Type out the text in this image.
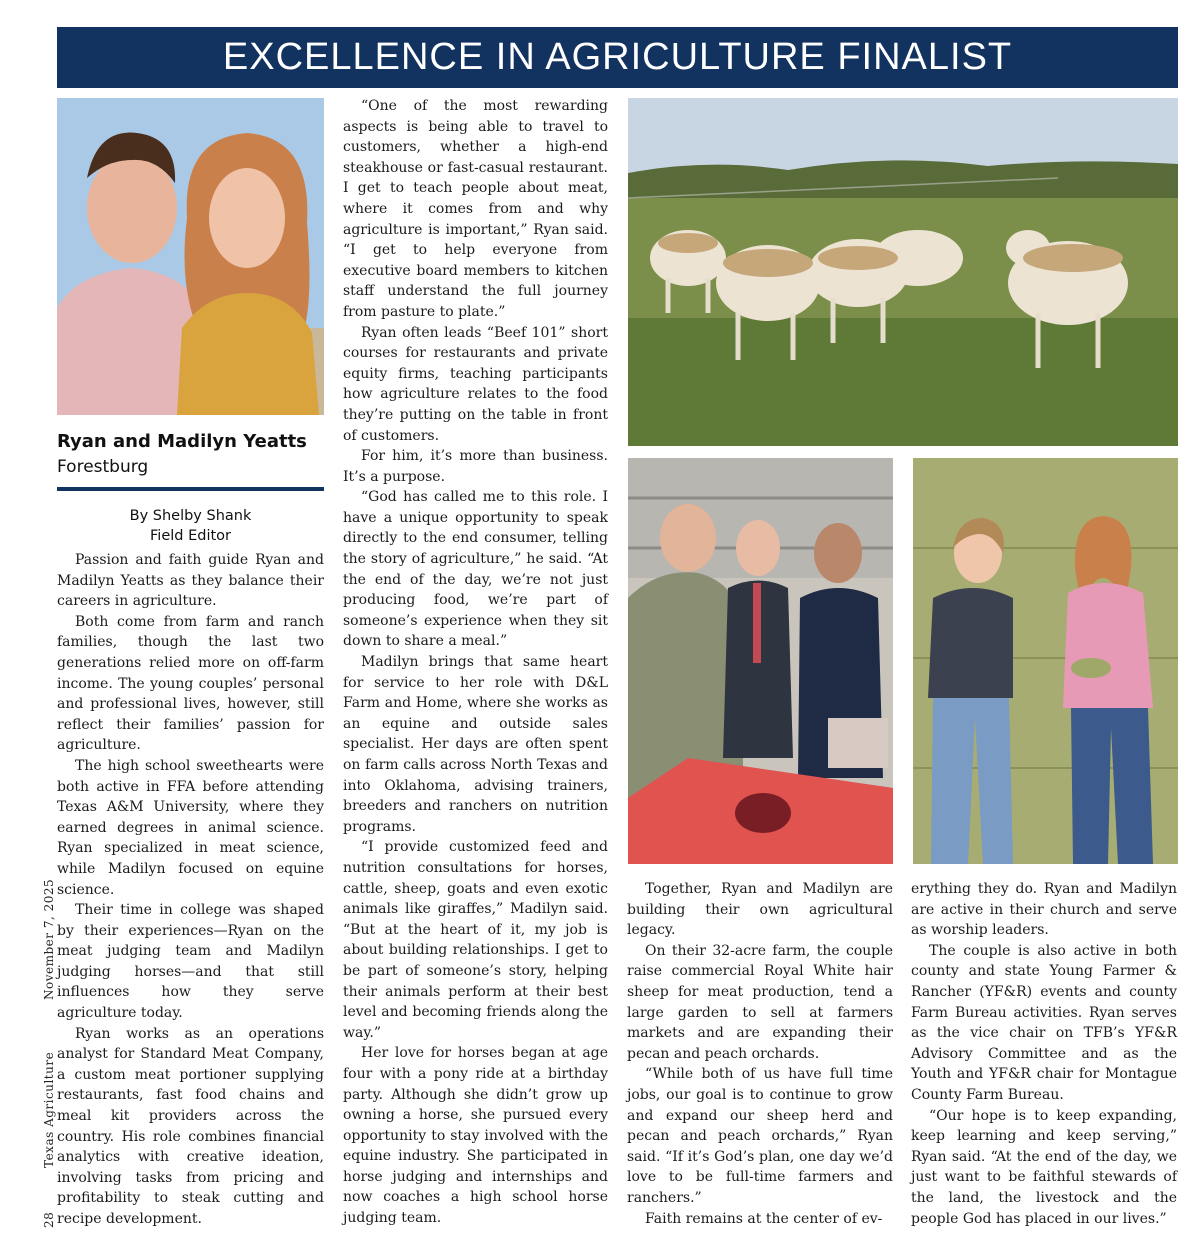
EXCELLENCE IN AGRICULTURE FINALIST
Ryan and Madilyn Yeatts
Forestburg
By Shelby Shank
Field Editor

Passion and faith guide Ryan and Madilyn Yeatts as they balance their careers in agriculture.

Both come from farm and ranch families, though the last two generations relied more on off-farm income. The young couples’ personal and professional lives, however, still reflect their families’ passion for agriculture.

The high school sweethearts were both active in FFA before attending Texas A&M University, where they earned degrees in animal science. Ryan specialized in meat science, while Madilyn focused on equine science.

Their time in college was shaped by their experiences—Ryan on the meat judging team and Madilyn judging horses—and that still influences how they serve agriculture today.

Ryan works as an operations analyst for Standard Meat Company, a custom meat portioner supplying restaurants, fast food chains and meal kit providers across the country. His role combines financial analytics with creative ideation, involving tasks from pricing and profitability to steak cutting and recipe development.

“One of the most rewarding aspects is being able to travel to customers, whether a high-end steakhouse or fast-casual restaurant. I get to teach people about meat, where it comes from and why agriculture is important,” Ryan said. “I get to help everyone from executive board members to kitchen staff understand the full journey from pasture to plate.”

Ryan often leads “Beef 101” short courses for restaurants and private equity firms, teaching participants how agriculture relates to the food they’re putting on the table in front of customers.

For him, it’s more than business. It’s a purpose.

“God has called me to this role. I have a unique opportunity to speak directly to the end consumer, telling the story of agriculture,” he said. “At the end of the day, we’re not just producing food, we’re part of someone’s experience when they sit down to share a meal.”

Madilyn brings that same heart for service to her role with D&L Farm and Home, where she works as an equine and outside sales specialist. Her days are often spent on farm calls across North Texas and into Oklahoma, advising trainers, breeders and ranchers on nutrition programs.

“I provide customized feed and nutrition consultations for horses, cattle, sheep, goats and even exotic animals like giraffes,” Madilyn said. “But at the heart of it, my job is about building relationships. I get to be part of someone’s story, helping their animals perform at their best level and becoming friends along the way.”

Her love for horses began at age four with a pony ride at a birthday party. Although she didn’t grow up owning a horse, she pursued every opportunity to stay involved with the equine industry. She participated in horse judging and internships and now coaches a high school horse judging team.

Together, Ryan and Madilyn are building their own agricultural legacy.

On their 32-acre farm, the couple raise commercial Royal White hair sheep for meat production, tend a large garden to sell at farmers markets and are expanding their pecan and peach orchards.

“While both of us have full time jobs, our goal is to continue to grow and expand our sheep herd and pecan and peach orchards,” Ryan said. “If it’s God’s plan, one day we’d love to be full-time farmers and ranchers.”

Faith remains at the center of ev-

erything they do. Ryan and Madilyn are active in their church and serve as worship leaders.

The couple is also active in both county and state Young Farmer & Rancher (YF&R) events and county Farm Bureau activities. Ryan serves as the vice chair on TFB’s YF&R Advisory Committee and as the Youth and YF&R chair for Montague County Farm Bureau.

“Our hope is to keep expanding, keep learning and keep serving,” Ryan said. “At the end of the day, we just want to be faithful stewards of the land, the livestock and the people God has placed in our lives.”

November 7, 2025
Texas Agriculture
28
